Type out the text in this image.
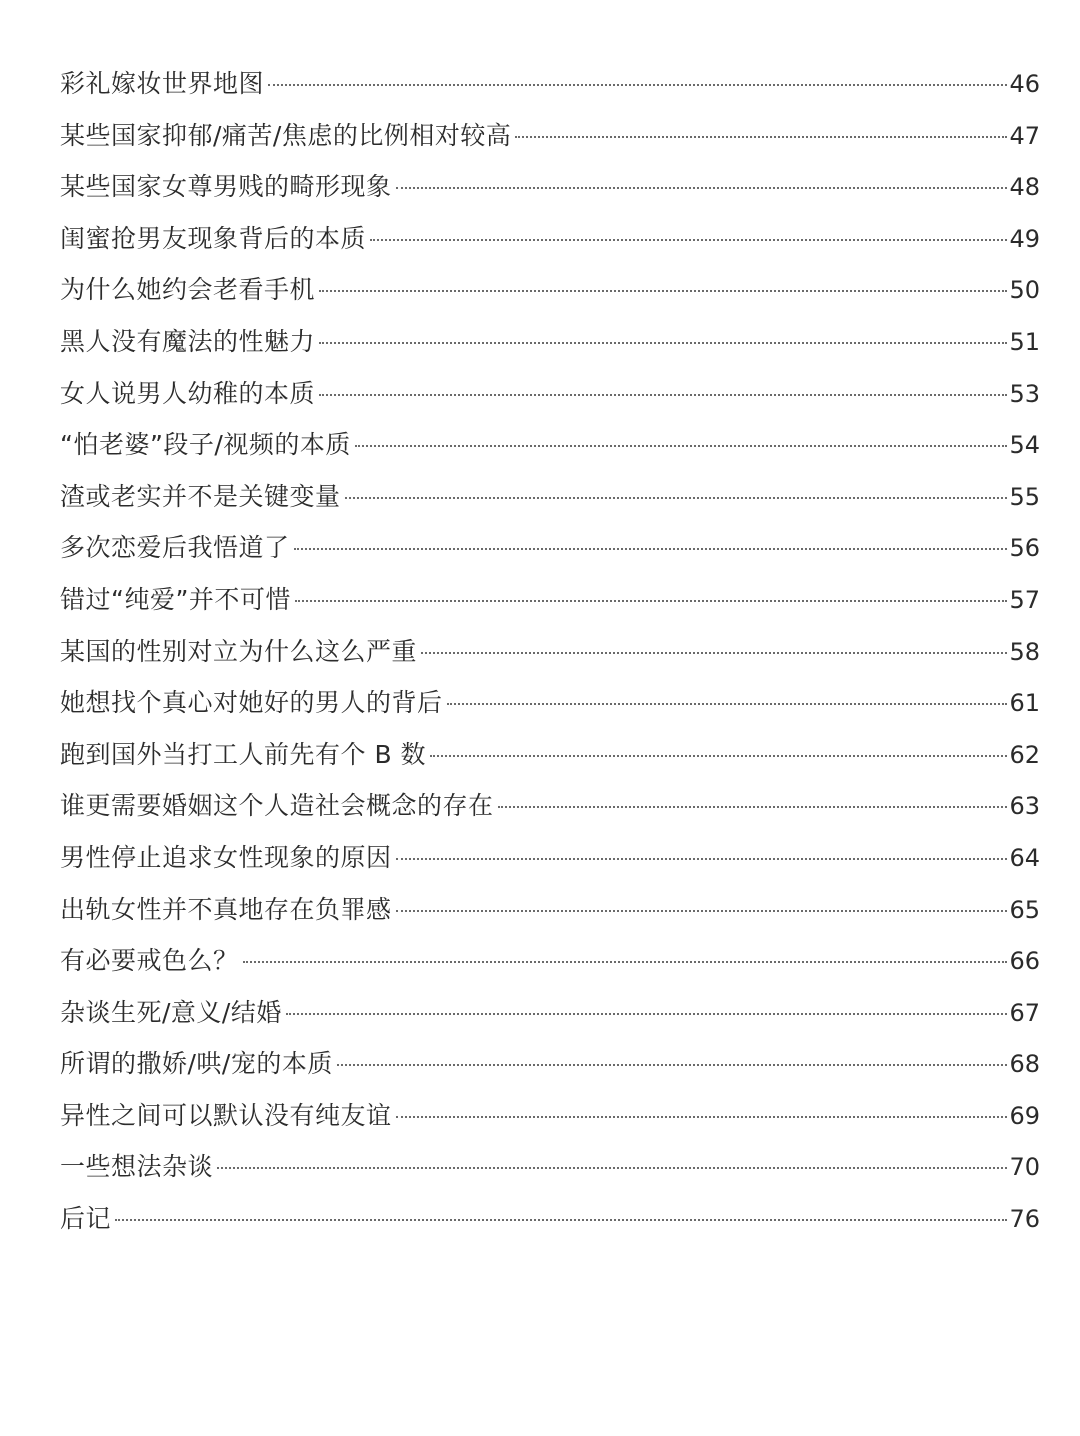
彩礼嫁妆世界地图	46
某些国家抑郁/痛苦/焦虑的比例相对较高	47
某些国家女尊男贱的畸形现象	48
闺蜜抢男友现象背后的本质	49
为什么她约会老看手机	50
黑人没有魔法的性魅力	51
女人说男人幼稚的本质	53
“怕老婆”段子/视频的本质	54
渣或老实并不是关键变量	55
多次恋爱后我悟道了	56
错过“纯爱”并不可惜	57
某国的性别对立为什么这么严重	58
她想找个真心对她好的男人的背后	61
跑到国外当打工人前先有个 B 数	62
谁更需要婚姻这个人造社会概念的存在	63
男性停止追求女性现象的原因	64
出轨女性并不真地存在负罪感	65
有必要戒色么？	66
杂谈生死/意义/结婚	67
所谓的撒娇/哄/宠的本质	68
异性之间可以默认没有纯友谊	69
一些想法杂谈	70
后记	76
